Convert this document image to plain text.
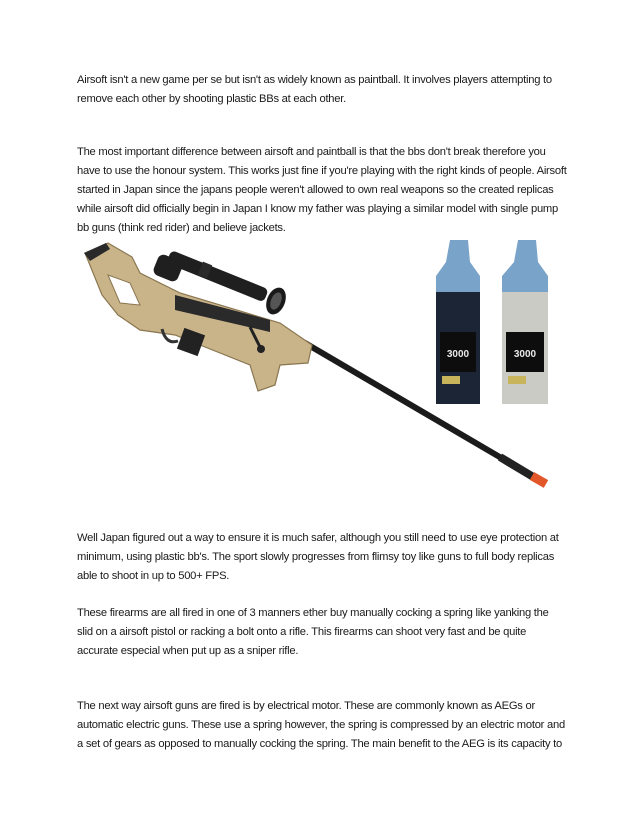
Airsoft isn't a new game per se but isn't as widely known as paintball. It involves players attempting to remove each other by shooting plastic BBs at each other.

The most important difference between airsoft and paintball is that the bbs don't break therefore you have to use the honour system. This works just fine if you're playing with the right kinds of people. Airsoft started in Japan since the japans people weren't allowed to own real weapons so the created replicas while airsoft did officially begin in Japan I know my father was playing a similar model with single pump bb guns (think red rider) and believe jackets.

3000	3000

Well Japan figured out a way to ensure it is much safer, although you still need to use eye protection at minimum, using plastic bb's. The sport slowly progresses from flimsy toy like guns to full body replicas able to shoot in up to 500+ FPS.

These firearms are all fired in one of 3 manners ether buy manually cocking a spring like yanking the slid on a airsoft pistol or racking a bolt onto a rifle. This firearms can shoot very fast and be quite accurate especial when put up as a sniper rifle.

The next way airsoft guns are fired is by electrical motor. These are commonly known as AEGs or automatic electric guns. These use a spring however, the spring is compressed by an electric motor and a set of gears as opposed to manually cocking the spring. The main benefit to the AEG is its capacity to
